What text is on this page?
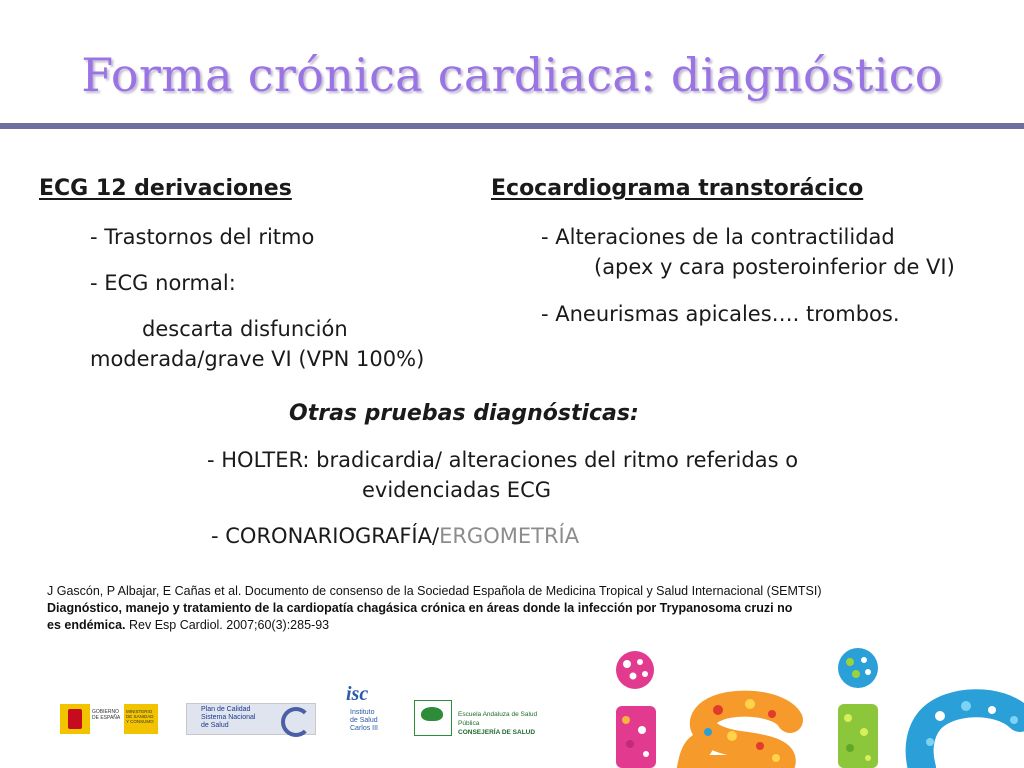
Forma crónica cardiaca: diagnóstico
ECG 12 derivaciones
- Trastornos del ritmo
- ECG normal:
descarta disfunción
moderada/grave VI (VPN 100%)
Ecocardiograma transtorácico
- Alteraciones de la contractilidad
(apex y cara posteroinferior de VI)
- Aneurismas apicales…. trombos.
Otras pruebas diagnósticas:
- HOLTER: bradicardia/ alteraciones del ritmo referidas o
evidenciadas ECG
- CORONARIOGRAFÍA/ERGOMETRÍA
J Gascón, P Albajar, E Cañas et al. Documento de consenso de la Sociedad Española de Medicina Tropical y Salud Internacional (SEMTSI)
Diagnóstico, manejo y tratamiento de la cardiopatía chagásica crónica en áreas donde la infección por Trypanosoma cruzi no
es endémica. Rev Esp Cardiol. 2007;60(3):285-93
GOBIERNO DE ESPAÑA
MINISTERIO DE SANIDAD Y CONSUMO
Plan de Calidad
Sistema Nacional
de Salud
isc
Instituto
de Salud
Carlos III
Escuela Andaluza de Salud Pública
CONSEJERÍA DE SALUD
